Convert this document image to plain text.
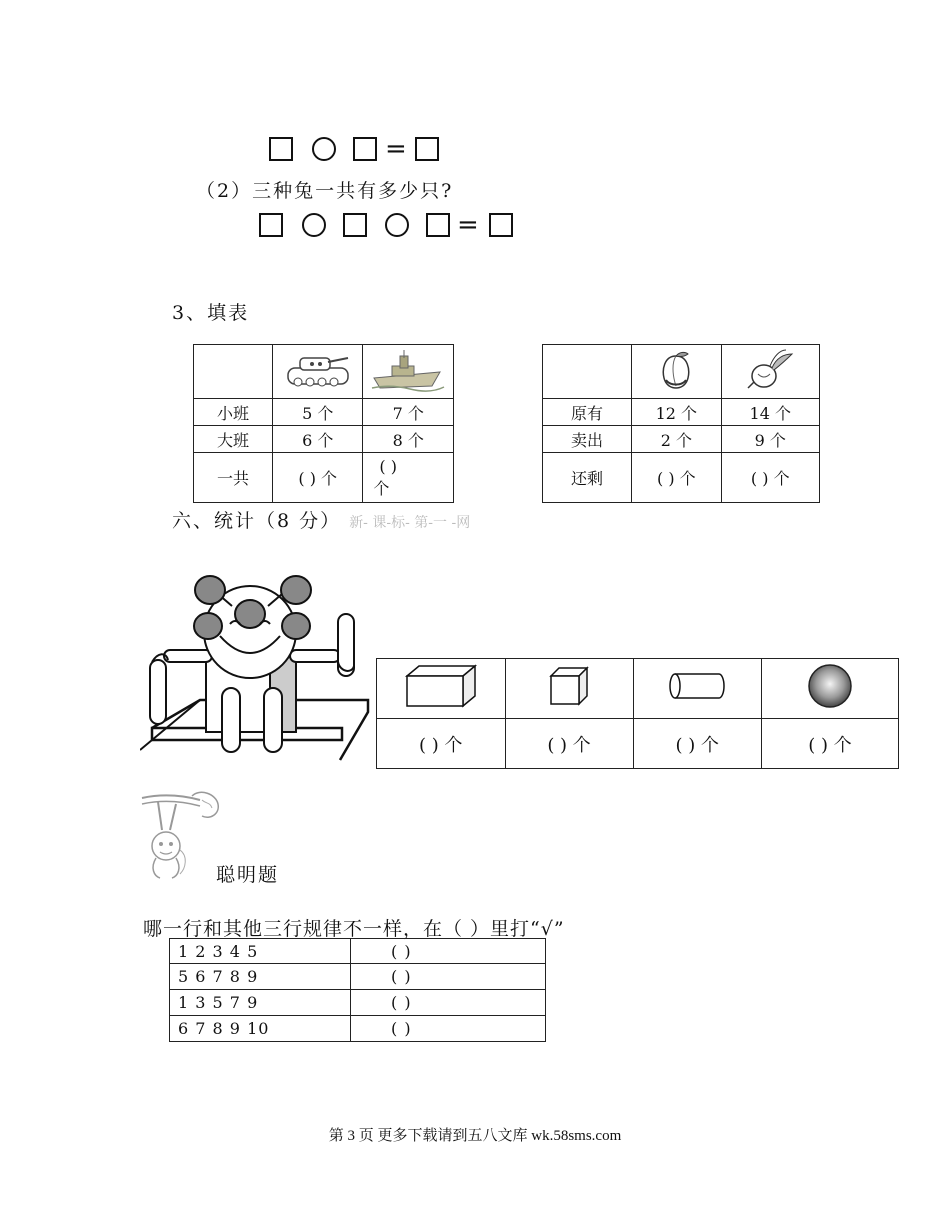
=
（2）三种兔一共有多少只?
=
3、填表

小班	5 个	7 个
大班	6 个	8 个
一共	( ) 个	( )
个

原有	12 个	14 个
卖出	2 个	9 个
还剩	( ) 个	( ) 个
六、统计（8 分） 新- 课-标- 第-一 -网

( ) 个	( ) 个	( ) 个	( ) 个
聪明题
哪一行和其他三行规律不一样，在（ ）里打“√”
1 2 3 4 5	( )
5 6 7 8 9	( )
1 3 5 7 9	( )
6 7 8 9 10	( )
第 3 页 更多下载请到五八文库 wk.58sms.com
